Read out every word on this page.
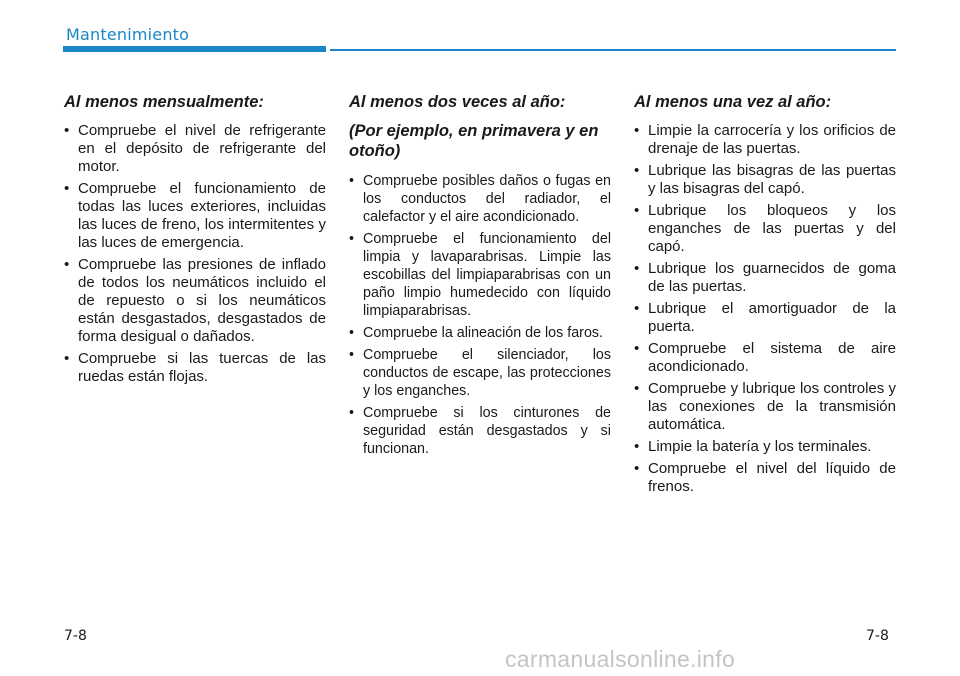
Mantenimiento
Al menos mensualmente:
• Compruebe el nivel de refrigerante en el depósito de refrigerante del motor.
• Compruebe el funcionamiento de todas las luces exteriores, incluidas las luces de freno, los intermitentes y las luces de emergencia.
• Compruebe las presiones de inflado de todos los neumáticos incluido el de repuesto o si los neumáticos están desgastados, desgastados de forma desigual o dañados.
• Compruebe si las tuercas de las ruedas están flojas.
Al menos dos veces al año:
(Por ejemplo, en primavera y en otoño)
• Compruebe posibles daños o fugas en los conductos del radiador, el calefactor y el aire acondicionado.
• Compruebe el funcionamiento del limpia y lavaparabrisas. Limpie las escobillas del limpiaparabrisas con un paño limpio humedecido con líquido limpiaparabrisas.
• Compruebe la alineación de los faros.
• Compruebe el silenciador, los conductos de escape, las protecciones y los enganches.
• Compruebe si los cinturones de seguridad están desgastados y si funcionan.
Al menos una vez al año:
• Limpie la carrocería y los orificios de drenaje de las puertas.
• Lubrique las bisagras de las puertas y las bisagras del capó.
• Lubrique los bloqueos y los enganches de las puertas y del capó.
• Lubrique los guarnecidos de goma de las puertas.
• Lubrique el amortiguador de la puerta.
• Compruebe el sistema de aire acondicionado.
• Compruebe y lubrique los controles y las conexiones de la transmisión automática.
• Limpie la batería y los terminales.
• Compruebe el nivel del líquido de frenos.
7-8	7-8
carmanualsonline.info
